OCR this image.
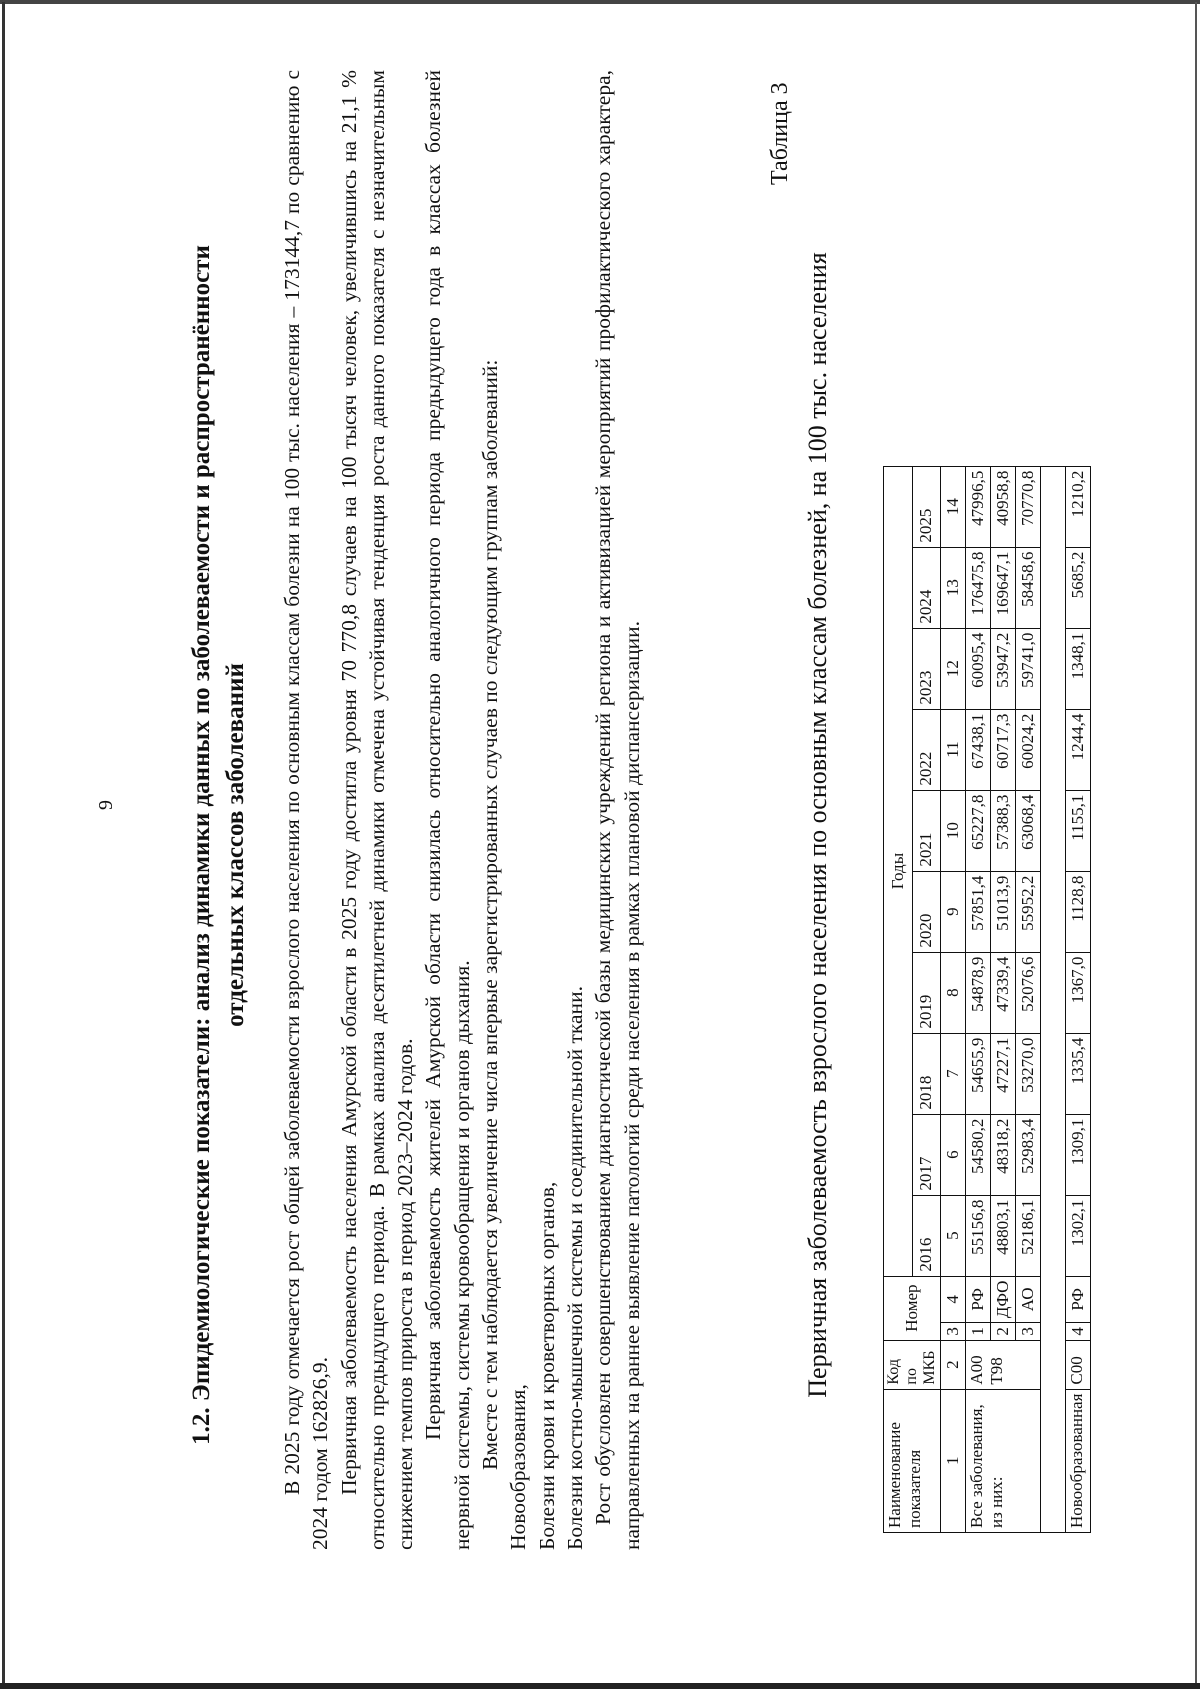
9	1.2. Эпидемиологические показатели: анализ динамики данных по заболеваемости и распространённости отдельных классов заболеваний В 2025 году отмечается рост общей заболеваемости взрослого населения по основным классам болезни на 100 тыс. населения – 173144,7 по сравнению с 2024 годом 162826,9. Первичная заболеваемость населения Амурской области в 2025 году достигла уровня 70 770,8 случаев на 100 тысяч человек, увеличившись на 21,1 % относительно предыдущего периода. В рамках анализа десятилетней динамики отмечена устойчивая тенденция роста данного показателя с незначительным снижением темпов прироста в период 2023–2024 годов. Первичная заболеваемость жителей Амурской области снизилась относительно аналогичного периода предыдущего года в классах болезней нервной системы, системы кровообращения и органов дыхания. Вместе с тем наблюдается увеличение числа впервые зарегистрированных случаев по следующим группам заболеваний: Новообразования, Болезни крови и кроветворных органов, Болезни костно-мышечной системы и соединительной ткани. Рост обусловлен совершенствованием диагностической базы медицинских учреждений региона и активизацией мероприятий профилактического характера, направленных на раннее выявление патологий среди населения в рамках плановой диспансеризации.

Таблица 3
Первичная заболеваемость взрослого населения по основным классам болезней, на 100 тыс. населения
Наименование показателя	Код по МКБ	Номер		Годы									
				2016	2017	2018	2019	2020	2021	2022	2023	2024	2025
1	2	3	4	5	6	7	8	9	10	11	12	13	14
Все заболевания, из них:	A00 T98	1	РФ	55156,8	54580,2	54655,9	54878,9	57851,4	65227,8	67438,1	60095,4	176475,8	47996,5
		2	ДФО	48803,1	48318,2	47227,1	47339,4	51013,9	57388,3	60717,3	53947,2	169647,1	40958,8
		3	АО	52186,1	52983,4	53270,0	52076,6	55952,2	63068,4	60024,2	59741,0	58458,6	70770,8

Новообразованная	C00	4	РФ	1302,1	1309,1	1335,4	1367,0	1128,8	1155,1	1244,4	1348,1	5685,2	1210,2
